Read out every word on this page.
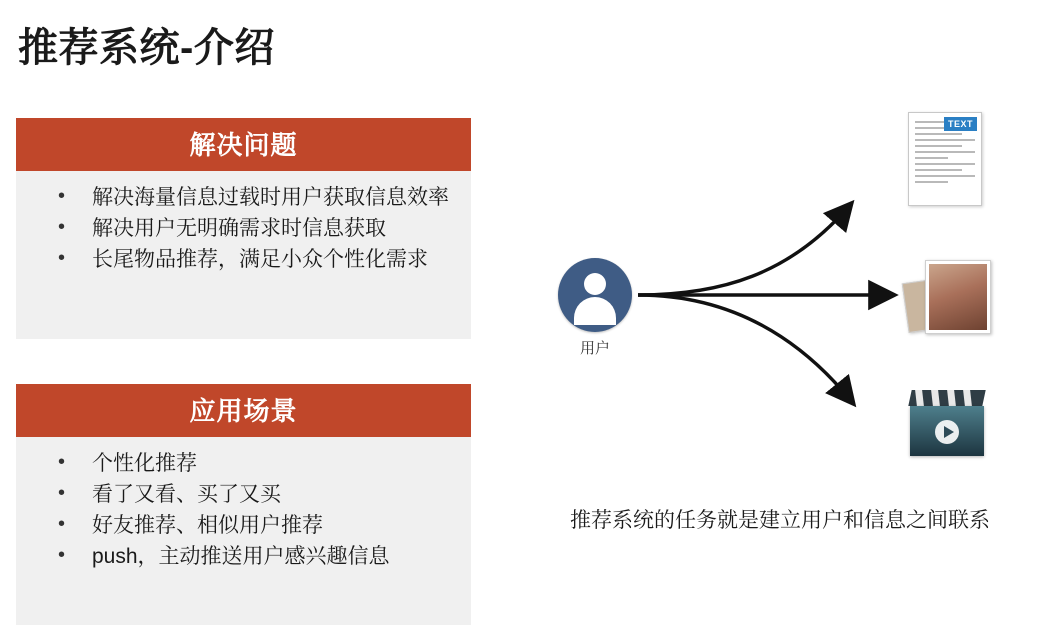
推荐系统-介绍
解决问题
• 解决海量信息过载时用户获取信息效率
• 解决用户无明确需求时信息获取
• 长尾物品推荐，满足小众个性化需求
应用场景
• 个性化推荐
• 看了又看、买了又买
• 好友推荐、相似用户推荐
• push，主动推送用户感兴趣信息
用户
TEXT
推荐系统的任务就是建立用户和信息之间联系
